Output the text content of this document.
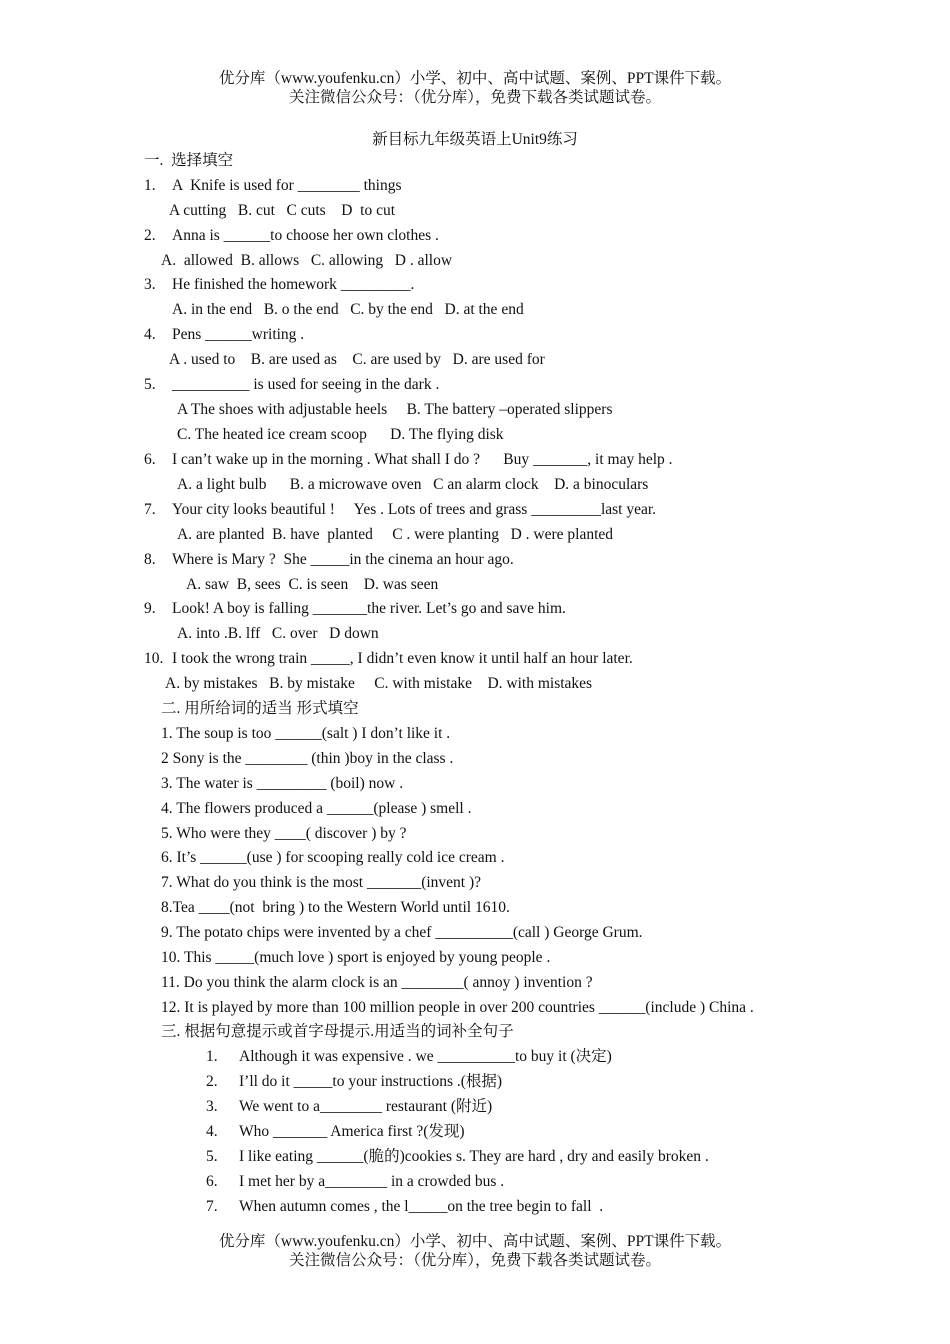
优分库（www.youfenku.cn）小学、初中、高中试题、案例、PPT课件下载。
关注微信公众号：（优分库），免费下载各类试题试卷。
新目标九年级英语上Unit9练习
一.  选择填空
1. A  Knife is used for ________ things
A cutting   B. cut   C cuts    D  to cut
2. Anna is ______to choose her own clothes .
A.  allowed  B. allows   C. allowing   D . allow
3. He finished the homework _________.
A. in the end   B. o the end   C. by the end   D. at the end
4. Pens ______writing .
A . used to    B. are used as    C. are used by   D. are used for
5. __________ is used for seeing in the dark .
A The shoes with adjustable heels     B. The battery –operated slippers
C. The heated ice cream scoop      D. The flying disk
6. I can’t wake up in the morning . What shall I do ?      Buy _______, it may help .
A. a light bulb      B. a microwave oven   C an alarm clock    D. a binoculars
7. Your city looks beautiful !     Yes . Lots of trees and grass _________last year.
A. are planted  B. have  planted     C . were planting   D . were planted
8. Where is Mary ?  She _____in the cinema an hour ago.
A. saw  B, sees  C. is seen    D. was seen
9. Look! A boy is falling _______the river. Let’s go and save him.
A. into .B. lff   C. over   D down
10. I took the wrong train _____, I didn’t even know it until half an hour later.
A. by mistakes   B. by mistake     C. with mistake    D. with mistakes
二. 用所给词的适当 形式填空
1. The soup is too ______(salt ) I don’t like it .
2 Sony is the ________ (thin )boy in the class .
3. The water is _________ (boil) now .
4. The flowers produced a ______(please ) smell .
5. Who were they ____( discover ) by ?
6. It’s ______(use ) for scooping really cold ice cream .
7. What do you think is the most _______(invent )?
8.Tea ____(not  bring ) to the Western World until 1610.
9. The potato chips were invented by a chef __________(call ) George Grum.
10. This _____(much love ) sport is enjoyed by young people .
11. Do you think the alarm clock is an ________( annoy ) invention ?
12. It is played by more than 100 million people in over 200 countries ______(include ) China .
三. 根据句意提示或首字母提示.用适当的词补全句子
1. Although it was expensive . we __________to buy it (决定)
2. I’ll do it _____to your instructions .(根据)
3. We went to a________ restaurant (附近)
4. Who _______ America first ?(发现)
5. I like eating ______(脆的)cookies s. They are hard , dry and easily broken .
6. I met her by a________ in a crowded bus .
7. When autumn comes , the l_____on the tree begin to fall  .
优分库（www.youfenku.cn）小学、初中、高中试题、案例、PPT课件下载。
关注微信公众号：（优分库），免费下载各类试题试卷。
